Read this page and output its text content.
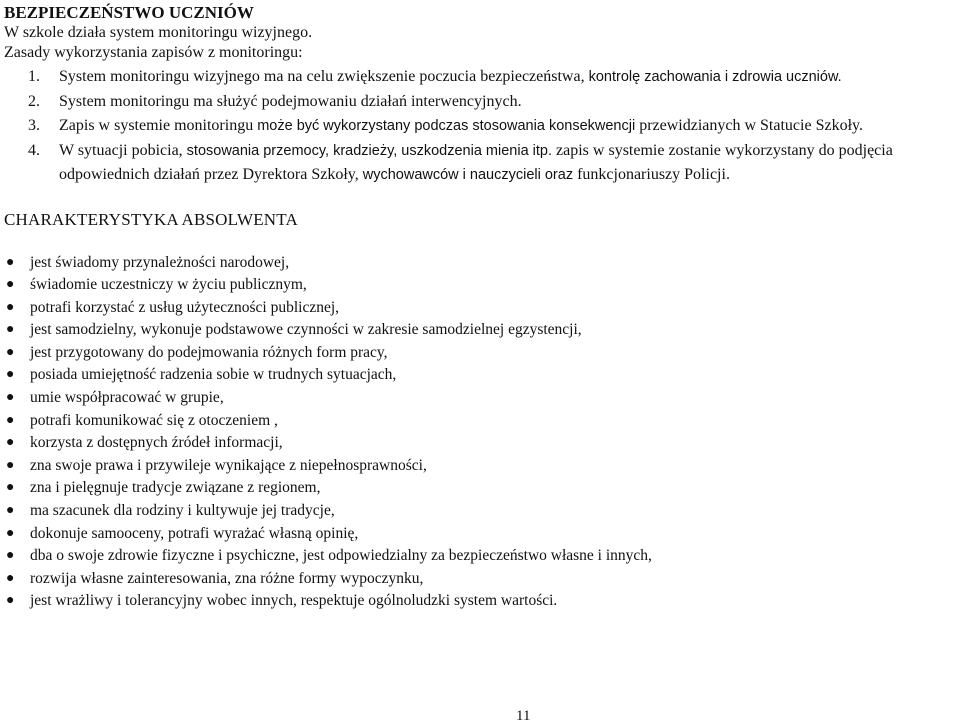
BEZPIECZEŃSTWO UCZNIÓW
W szkole działa system monitoringu wizyjnego.
Zasady wykorzystania zapisów z monitoringu:
1. System monitoringu wizyjnego ma na celu zwiększenie poczucia bezpieczeństwa, kontrolę zachowania i zdrowia uczniów.
2. System monitoringu ma służyć podejmowaniu działań interwencyjnych.
3. Zapis w systemie monitoringu może być wykorzystany podczas stosowania konsekwencji przewidzianych w Statucie Szkoły.
4. W sytuacji pobicia, stosowania przemocy, kradzieży, uszkodzenia mienia itp. zapis w systemie zostanie wykorzystany do podjęcia odpowiednich działań przez Dyrektora Szkoły, wychowawców i nauczycieli oraz funkcjonariuszy Policji.
CHARAKTERYSTYKA ABSOLWENTA
● jest świadomy przynależności narodowej,
● świadomie uczestniczy w życiu publicznym,
● potrafi korzystać z usług użyteczności publicznej,
● jest samodzielny, wykonuje podstawowe czynności w zakresie samodzielnej egzystencji,
● jest przygotowany do podejmowania różnych form pracy,
● posiada umiejętność radzenia sobie w trudnych sytuacjach,
● umie współpracować w grupie,
● potrafi komunikować się z otoczeniem ,
● korzysta z dostępnych źródeł informacji,
● zna swoje prawa i przywileje wynikające z niepełnosprawności,
● zna i pielęgnuje tradycje związane z regionem,
● ma szacunek dla rodziny i kultywuje jej tradycje,
● dokonuje samooceny, potrafi wyrażać własną opinię,
● dba o swoje zdrowie fizyczne i psychiczne, jest odpowiedzialny za bezpieczeństwo własne i innych,
● rozwija własne zainteresowania, zna różne formy wypoczynku,
● jest wrażliwy i tolerancyjny wobec innych, respektuje ogólnoludzki system wartości.
11
